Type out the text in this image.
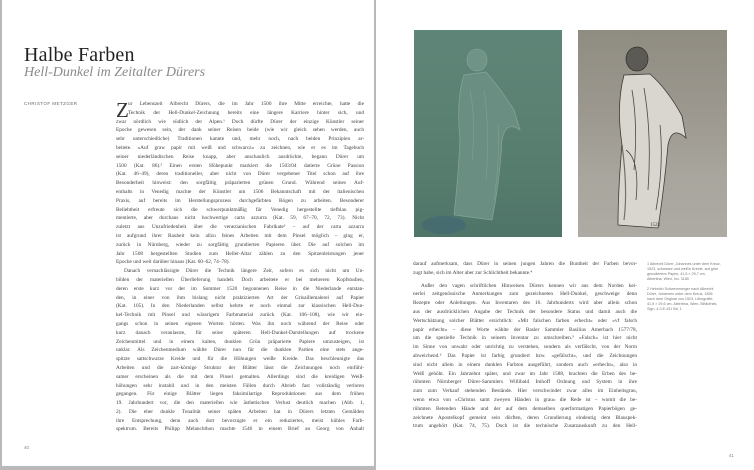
Halbe Farben
Hell-Dunkel im Zeitalter Dürers
CHRISTOF METZGER Z ur Lebenszeit Albrecht Dürers, die im Jahr 1500 ihre Mitte erreichte, hatte die
Technik der Hell-Dunkel-Zeichnung bereits eine längere Karriere hinter sich, und
zwar nördlich wie südlich der Alpen.¹ Doch dürfte Dürer der einzige Künstler seiner
Epoche gewesen sein, der dank seiner Reisen beide (wie wir gleich sehen werden, auch
sehr unterschiedliche) Traditionen kannte und, mehr noch, nach beiden Prinzipien ar-
beitete. »Auf graw papir mit weiß und schwarcz« zu zeichnen, wie er es im Tagebuch
seiner niederländischen Reise knapp, aber anschaulich ausdrückte, begann Dürer um
1500 (Kat. 86).² Einen ersten Höhepunkt markiert die 1503/04 datierte Grüne Passion
(Kat. 46–49), deren traditioneller, aber nicht von Dürer vergebener Titel schon auf ihre
Besonderheit hinweist: den sorgfältig präparierten grünen Grund. Während seines Auf-
enthalts in Venedig machte der Künstler um 1506 Bekanntschaft mit der italienischen
Praxis, auf bereits im Herstellungsprozess durchgefärbten Bögen zu arbeiten. Besonderer
Beliebtheit erfreute sich die schwerpunktmäßig für Venedig hergestellte tiefblau pig-
mentierte, aber durchaus nicht hochwertige carta azzurra (Kat. 59, 67–70, 72, 73). Nicht
zuletzt aus Unzufriedenheit über die venezianischen Fabrikate³ – auf der carta azzurra
ist aufgrund ihrer Rauheit kein allzu feines Arbeiten mit dem Pinsel möglich – ging er,
zurück in Nürnberg, wieder zu sorgfältig grundierten Papieren über. Die auf solchen im
Jahr 1508 hergestellten Studien zum Heller-Altar zählen zu den Spitzenleistungen jener
Epoche und weit darüber hinaus (Kat. 60–62, 74–78).
Danach vernachlässigte Dürer die Technik längere Zeit, sofern es sich nicht um Un-
bilden der materiellen Überlieferung handelt. Doch arbeitete er bei mehreren Kopfstudien,
deren erste kurz vor der im Sommer 1520 begonnenen Reise in die Niederlande entstan-
den, in einer von ihm bislang nicht praktizierten Art der Grisaillemalerei auf Papier
(Kat. 105). In den Niederlanden selbst kehrte er noch einmal zur klassischen Hell-Dun-
kel-Technik mit Pinsel und wässrigem Farbmaterial zurück (Kat. 106–108), wie wir ein-
gangs schon in seinen eigenen Worten hörten. Was ihn noch während der Reise oder
kurz danach veranlasste, für seine späteren Hell-Dunkel-Darstellungen auf trockene
Zeichenmittel und in einem kalten, dunklen Grün präparierte Papiere umzusteigen, ist
unklar. Als Zeichenmedium wählte Dürer nun für die dunklen Partien eine stets ange-
spitzte sattschwarze Kreide und für die Höhungen weiße Kreide. Das beschleunigte das
Arbeiten und die zart-körnige Struktur der Blätter lässt die Zeichnungen noch einfühl-
samer erscheinen als die mit dem Pinsel gemalten. Allerdings sind die kreidigen Weiß-
höhungen sehr instabil und in den meisten Fällen durch Abrieb fast vollständig verloren
gegangen. Für einige Blätter liegen faksimilartige Reproduktionen aus dem frühen
19. Jahrhundert vor, die den materiellen wie ästhetischen Verlust deutlich machen (Abb. 1,
2). Die eher dunkle Tonalität seiner späten Arbeiten hat in Dürers letzten Gemälden
ihre Entsprechung, denn auch dort bevorzugte er ein reduziertes, meist kühles Farb-
spektrum. Bereits Philipp Melanchthon machte 1546 in einem Brief an Georg von Anhalt
40
1523
darauf aufmerksam, dass Dürer in seinen jungen Jahren die Buntheit der Farben bevor-
zugt habe, sich im Alter aber zur Schlichtheit bekannte.⁴
Außer den vagen schriftlichen Hinweisen Dürers kennen wir aus dem Norden kei-
nerlei zeitgenössische Anmerkungen zum gezeichneten Hell-Dunkel, geschweige denn
Rezepte oder Anleitungen. Aus Inventaren des 16. Jahrhunderts wird aber allein schon
aus der ausdrücklichen Angabe der Technik der besondere Status und damit auch die
Wertschätzung solcher Blätter ersichtlich: »Mit falschen farben erhecht« oder »vf falsch
papir erhecht« – diese Worte wählte der Basler Sammler Basilius Amerbach 1577/78,
um die spezielle Technik in seinem Inventar zu umschreiben.⁵ »Falsch« ist hier nicht
im Sinne von unwahr oder unrichtig zu verstehen, sondern als verfälscht, von der Norm
abweichend.⁶ Das Papier ist farbig grundiert bzw. »gefälscht«, und die Zeichnungen
sind nicht allein in einem dunklen Farbton ausgeführt, sondern auch »erhecht«, also in
Weiß gehöht. Ein Jahrzehnt später, und zwar im Jahr 1588, brachten die Erben des be-
rühmten Nürnberger Dürer-Sammlers Willibald Imhoff Ordnung und System in ihre
zum zum Verkauf stehenden Bestände. Hier verschwindet zwar alles im Einheitsgrau,
wenn etwa von »Christus samt zweyen Händen in grau« die Rede ist – womit die be-
rühmten Betenden Hände und der auf dem demselben querformatigen Papierbögen ge-
zeichnete Apostelkopf gemeint sein dürften, deren Grundierung eindeutig dem Blauspek-
trum angehört (Kat. 74, 75). Doch ist die technische Zusatzauskunft zu den Hell-
1 Albrecht Dürer, Johannes unter dem Kreuz,
1523, schwarze und weiße Kreide, auf grün
grundiertem Papier, 41,5 × 29,7 cm,
Albertina, Wien, Inv. 3180
2 Heinrich Schwemminger nach Albrecht
Dürer, Johannes unter dem Kreuz, 1826
nach dem Original von 1523, Lithografie,
41,5 × 29,6 cm, Albertina, Wien, Bibliothek,
Sign. 4.3.E.431 Bd. 1
41
